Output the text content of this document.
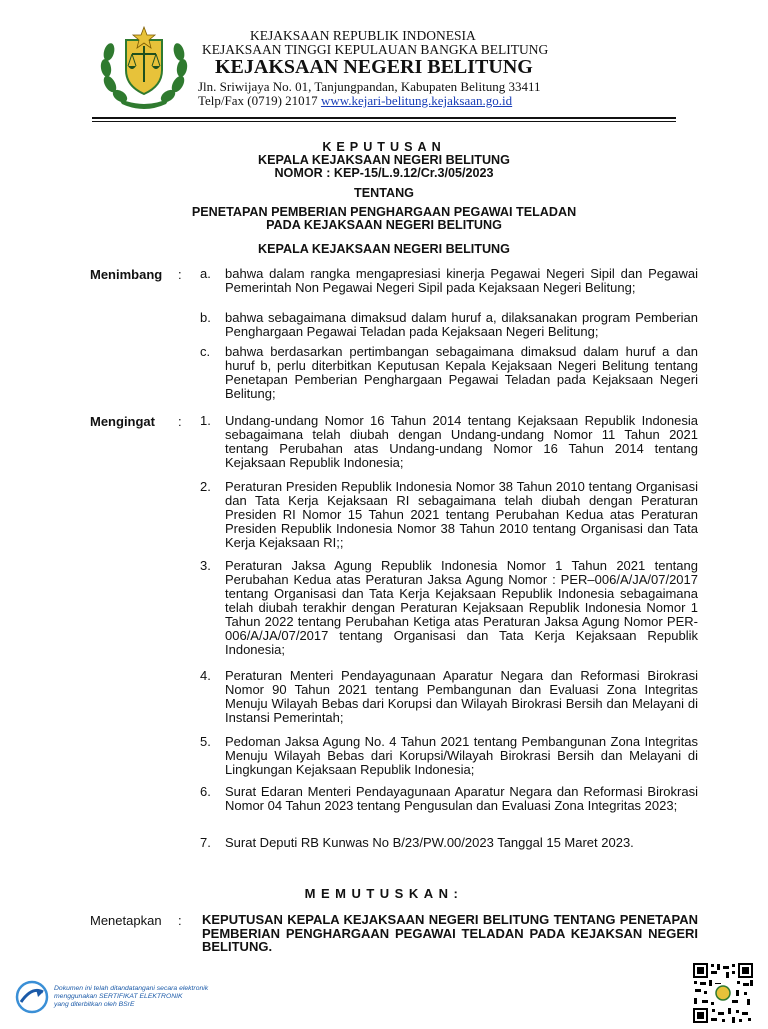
KEJAKSAAN REPUBLIK INDONESIA
KEJAKSAAN TINGGI KEPULAUAN BANGKA BELITUNG
KEJAKSAAN NEGERI BELITUNG
Jln. Sriwijaya No. 01, Tanjungpandan, Kabupaten Belitung 33411
Telp/Fax (0719) 21017 www.kejari-belitung.kejaksaan.go.id
KEPUTUSAN
KEPALA KEJAKSAAN NEGERI BELITUNG
NOMOR : KEP-15/L.9.12/Cr.3/05/2023
TENTANG
PENETAPAN PEMBERIAN PENGHARGAAN PEGAWAI TELADAN
PADA KEJAKSAAN NEGERI BELITUNG
KEPALA KEJAKSAAN NEGERI BELITUNG
Menimbang : a. bahwa dalam rangka mengapresiasi kinerja Pegawai Negeri Sipil dan Pegawai Pemerintah Non Pegawai Negeri Sipil pada Kejaksaan Negeri Belitung;
b. bahwa sebagaimana dimaksud dalam huruf a, dilaksanakan program Pemberian Penghargaan Pegawai Teladan pada Kejaksaan Negeri Belitung;
c. bahwa berdasarkan pertimbangan sebagaimana dimaksud dalam huruf a dan huruf b, perlu diterbitkan Keputusan Kepala Kejaksaan Negeri Belitung tentang Penetapan Pemberian Penghargaan Pegawai Teladan pada Kejaksaan Negeri Belitung;
Mengingat : 1. Undang-undang Nomor 16 Tahun 2014 tentang Kejaksaan Republik Indonesia sebagaimana telah diubah dengan Undang-undang Nomor 11 Tahun 2021 tentang Perubahan atas Undang-undang Nomor 16 Tahun 2014 tentang Kejaksaan Republik Indonesia;
2. Peraturan Presiden Republik Indonesia Nomor 38 Tahun 2010 tentang Organisasi dan Tata Kerja Kejaksaan RI sebagaimana telah diubah dengan Peraturan Presiden RI Nomor 15 Tahun 2021 tentang Perubahan Kedua atas Peraturan Presiden Republik Indonesia Nomor 38 Tahun 2010 tentang Organisasi dan Tata Kerja Kejaksaan RI;;
3. Peraturan Jaksa Agung Republik Indonesia Nomor 1 Tahun 2021 tentang Perubahan Kedua atas Peraturan Jaksa Agung Nomor : PER–006/A/JA/07/2017 tentang Organisasi dan Tata Kerja Kejaksaan Republik Indonesia sebagaimana telah diubah terakhir dengan Peraturan Kejaksaan Republik Indonesia Nomor 1 Tahun 2022 tentang Perubahan Ketiga atas Peraturan Jaksa Agung Nomor PER-006/A/JA/07/2017 tentang Organisasi dan Tata Kerja Kejaksaan Republik Indonesia;
4. Peraturan Menteri Pendayagunaan Aparatur Negara dan Reformasi Birokrasi Nomor 90 Tahun 2021 tentang Pembangunan dan Evaluasi Zona Integritas Menuju Wilayah Bebas dari Korupsi dan Wilayah Birokrasi Bersih dan Melayani di Instansi Pemerintah;
5. Pedoman Jaksa Agung No. 4 Tahun 2021 tentang Pembangunan Zona Integritas Menuju Wilayah Bebas dari Korupsi/Wilayah Birokrasi Bersih dan Melayani di Lingkungan Kejaksaan Republik Indonesia;
6. Surat Edaran Menteri Pendayagunaan Aparatur Negara dan Reformasi Birokrasi Nomor 04 Tahun 2023 tentang Pengusulan dan Evaluasi Zona Integritas 2023;
7. Surat Deputi RB Kunwas No B/23/PW.00/2023 Tanggal 15 Maret 2023.
MEMUTUSKAN:
Menetapkan : KEPUTUSAN KEPALA KEJAKSAAN NEGERI BELITUNG TENTANG PENETAPAN PEMBERIAN PENGHARGAAN PEGAWAI TELADAN PADA KEJAKSAN NEGERI BELITUNG.
Dokumen ini telah ditandatangani secara elektronik
menggunakan SERTIFIKAT ELEKTRONIK
yang diterbitkan oleh BSrE
